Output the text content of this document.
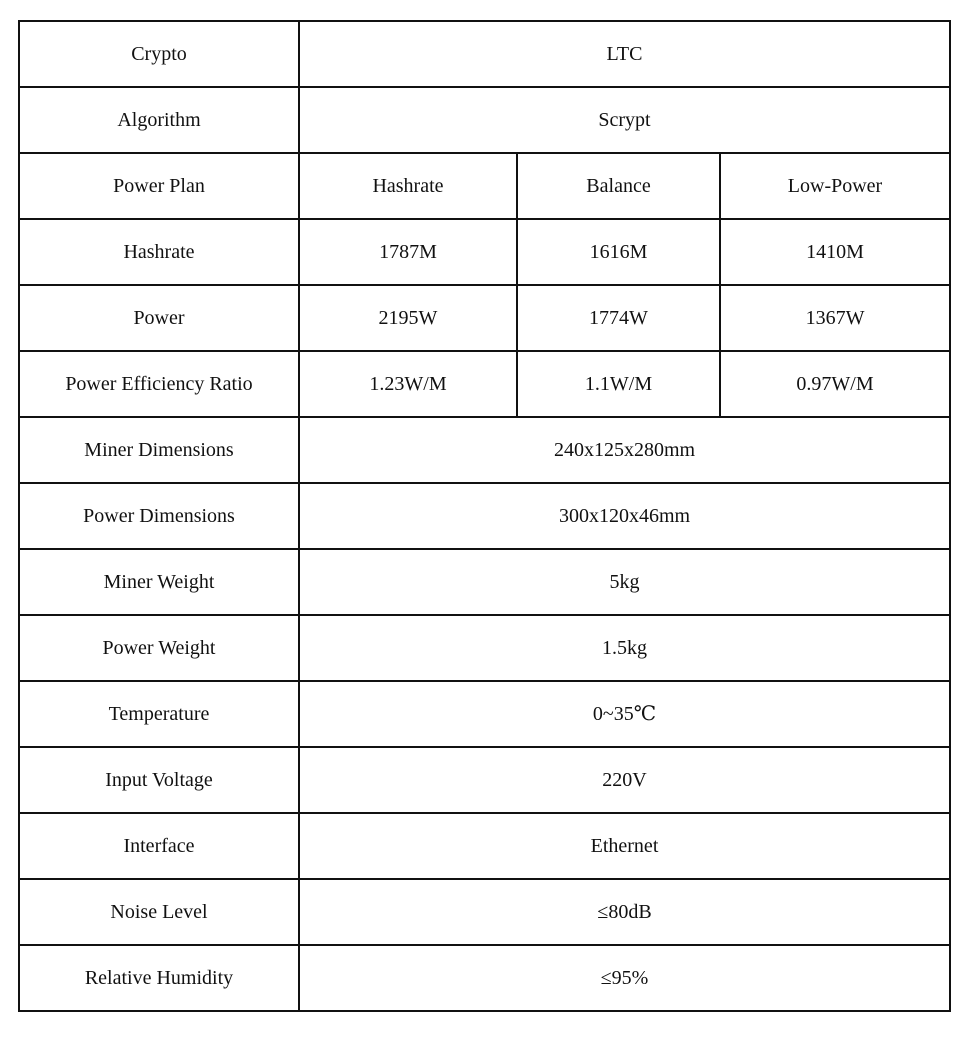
Crypto	LTC		
Algorithm	Scrypt		
Power Plan	Hashrate	Balance	Low-Power
Hashrate	1787M	1616M	1410M
Power	2195W	1774W	1367W
Power Efficiency Ratio	1.23W/M	1.1W/M	0.97W/M
Miner Dimensions	240x125x280mm		
Power Dimensions	300x120x46mm		
Miner Weight	5kg		
Power Weight	1.5kg		
Temperature	0~35℃		
Input Voltage	220V		
Interface	Ethernet		
Noise Level	≤80dB		
Relative Humidity	≤95%		
